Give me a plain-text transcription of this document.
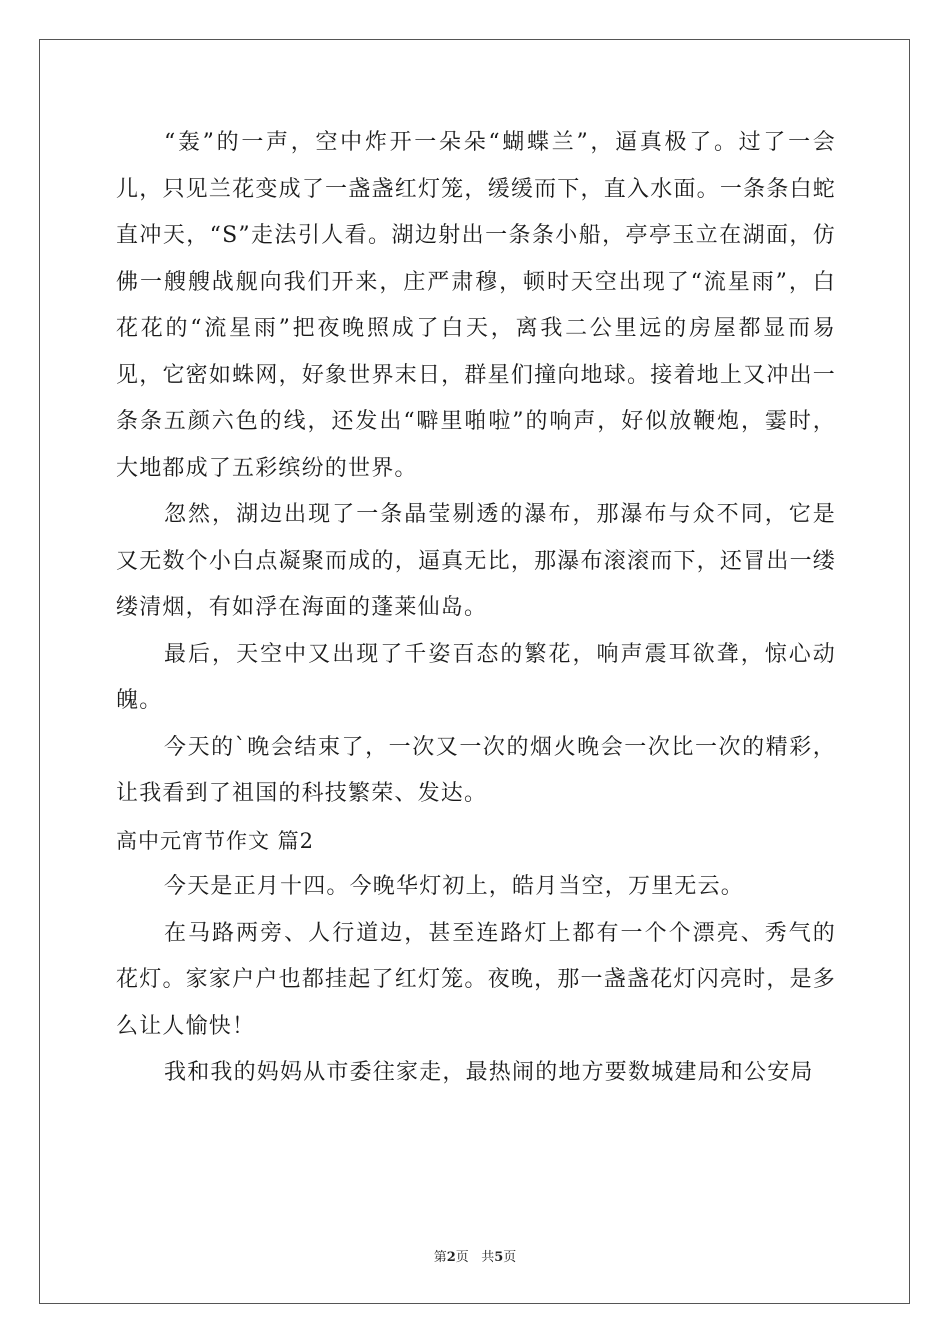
“轰”的一声，空中炸开一朵朵“蝴蝶兰”，逼真极了。过了一会儿，只见兰花变成了一盏盏红灯笼，缓缓而下，直入水面。一条条白蛇直冲天，“S”走法引人看。湖边射出一条条小船，亭亭玉立在湖面，仿佛一艘艘战舰向我们开来，庄严肃穆，顿时天空出现了“流星雨”，白花花的“流星雨”把夜晚照成了白天，离我二公里远的房屋都显而易见，它密如蛛网，好象世界末日，群星们撞向地球。接着地上又冲出一条条五颜六色的线，还发出“噼里啪啦”的响声，好似放鞭炮，霎时，大地都成了五彩缤纷的世界。

忽然，湖边出现了一条晶莹剔透的瀑布，那瀑布与众不同，它是又无数个小白点凝聚而成的，逼真无比，那瀑布滚滚而下，还冒出一缕缕清烟，有如浮在海面的蓬莱仙岛。

最后，天空中又出现了千姿百态的繁花，响声震耳欲聋，惊心动魄。

今天的`晚会结束了，一次又一次的烟火晚会一次比一次的精彩，让我看到了祖国的科技繁荣、发达。

高中元宵节作文 篇2

今天是正月十四。今晚华灯初上，皓月当空，万里无云。

在马路两旁、人行道边，甚至连路灯上都有一个个漂亮、秀气的花灯。家家户户也都挂起了红灯笼。夜晚，那一盏盏花灯闪亮时，是多么让人愉快！

我和我的妈妈从市委往家走，最热闹的地方要数城建局和公安局

第2页 共5页
